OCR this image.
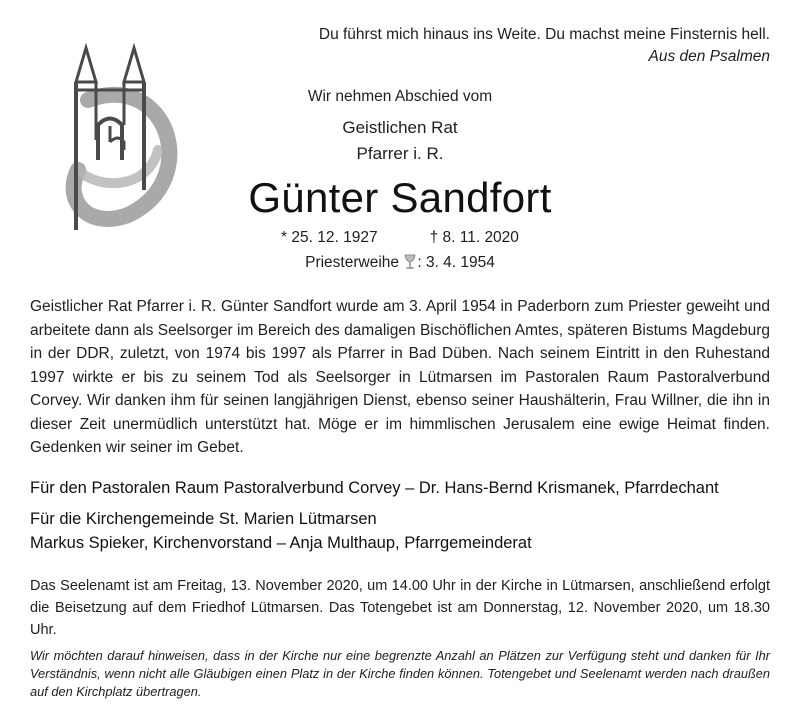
Du führst mich hinaus ins Weite. Du machst meine Finsternis hell.
Aus den Psalmen
Wir nehmen Abschied vom
Geistlichen Rat
Pfarrer i. R.
Günter Sandfort
* 25. 12. 1927	† 8. 11. 2020
Priesterweihe : 3. 4. 1954
Geistlicher Rat Pfarrer i. R. Günter Sandfort wurde am 3. April 1954 in Paderborn zum Priester geweiht und arbeitete dann als Seelsorger im Bereich des damaligen Bischöflichen Amtes, späteren Bistums Magdeburg in der DDR, zuletzt, von 1974 bis 1997 als Pfarrer in Bad Düben. Nach seinem Eintritt in den Ruhestand 1997 wirkte er bis zu seinem Tod als Seelsorger in Lütmarsen im Pastoralen Raum Pastoralverbund Corvey. Wir danken ihm für seinen langjährigen Dienst, ebenso seiner Haushälterin, Frau Willner, die ihn in dieser Zeit unermüdlich unterstützt hat. Möge er im himmlischen Jerusalem eine ewige Heimat finden. Gedenken wir seiner im Gebet.
Für den Pastoralen Raum Pastoralverbund Corvey – Dr. Hans-Bernd Krismanek, Pfarrdechant
Für die Kirchengemeinde St. Marien Lütmarsen
Markus Spieker, Kirchenvorstand – Anja Multhaup, Pfarrgemeinderat
Das Seelenamt ist am Freitag, 13. November 2020, um 14.00 Uhr in der Kirche in Lütmarsen, anschließend erfolgt die Beisetzung auf dem Friedhof Lütmarsen. Das Totengebet ist am Donnerstag, 12. November 2020, um 18.30 Uhr.
Wir möchten darauf hinweisen, dass in der Kirche nur eine begrenzte Anzahl an Plätzen zur Verfügung steht und danken für Ihr Verständnis, wenn nicht alle Gläubigen einen Platz in der Kirche finden können. Totengebet und Seelenamt werden nach draußen auf den Kirchplatz übertragen.
